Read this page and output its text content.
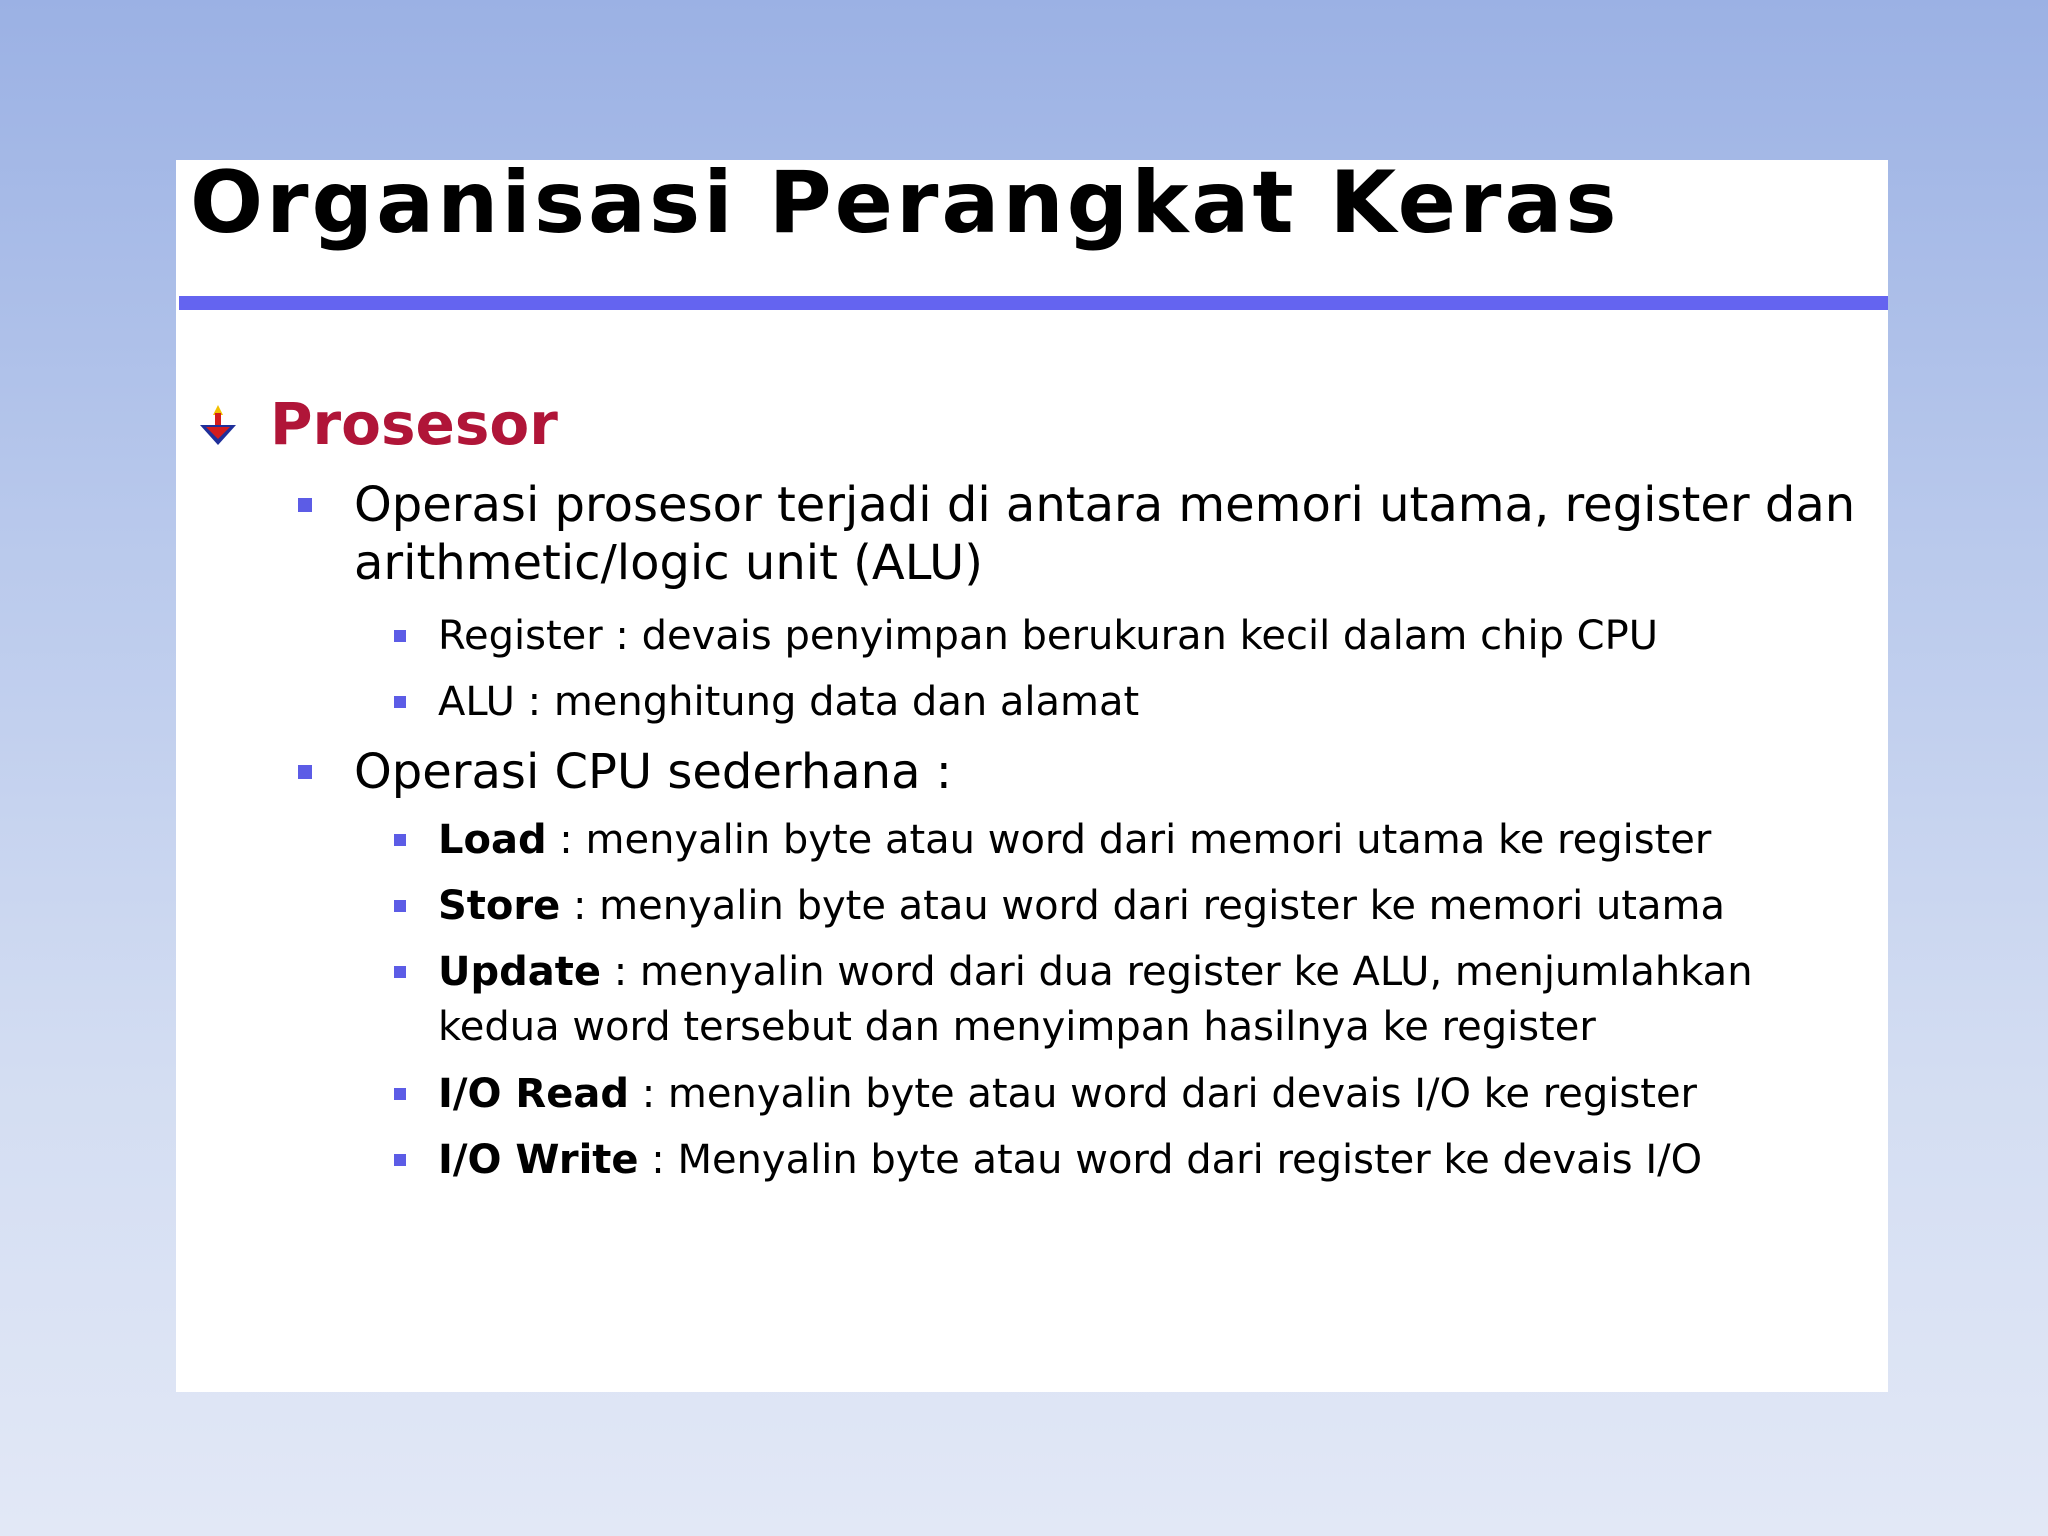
Organisasi Perangkat Keras
Prosesor
Operasi prosesor terjadi di antara memori utama, register dan
arithmetic/logic unit (ALU)
Register : devais penyimpan berukuran kecil dalam chip CPU
ALU : menghitung data dan alamat
Operasi CPU sederhana :
Load : menyalin byte atau word dari memori utama ke register
Store : menyalin byte atau word dari register ke memori utama
Update : menyalin word dari dua register ke ALU, menjumlahkan
kedua word tersebut dan menyimpan hasilnya ke register
I/O Read : menyalin byte atau word dari devais I/O ke register
I/O Write : Menyalin byte atau word dari register ke devais I/O
